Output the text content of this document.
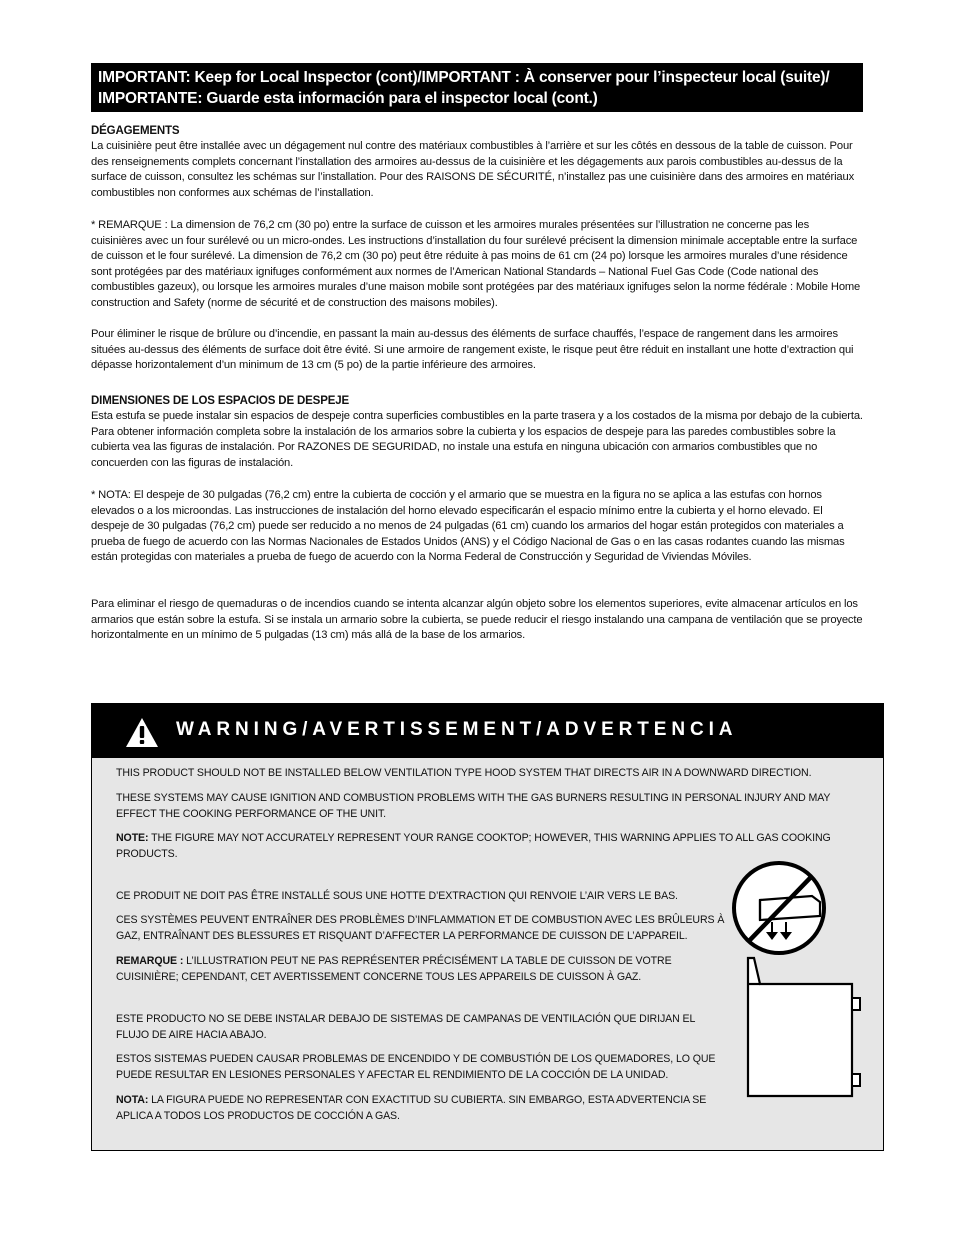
IMPORTANT: Keep for Local Inspector (cont)/IMPORTANT : À conserver pour l’inspecteur local (suite)/
IMPORTANTE: Guarde esta información para el inspector local (cont.)
DÉGAGEMENTS

La cuisinière peut être installée avec un dégagement nul contre des matériaux combustibles à l’arrière et sur les côtés en dessous de la table de cuisson. Pour des renseignements complets concernant l’installation des armoires au-dessus de la cuisinière et les dégagements aux parois combustibles au-dessus de la surface de cuisson, consultez les schémas sur l’installation. Pour des RAISONS DE SÉCURITÉ, n’installez pas une cuisinière dans des armoires en matériaux combustibles non conformes aux schémas de l’installation.

* REMARQUE : La dimension de 76,2 cm (30 po) entre la surface de cuisson et les armoires murales présentées sur l’illustration ne concerne pas les cuisinières avec un four surélevé ou un micro-ondes. Les instructions d’installation du four surélevé précisent la dimension minimale acceptable entre la surface de cuisson et le four surélevé. La dimension de 76,2 cm (30 po) peut être réduite à pas moins de 61 cm (24 po) lorsque les armoires murales d’une résidence sont protégées par des matériaux ignifuges conformément aux normes de l’American National Standards – National Fuel Gas Code (Code national des combustibles gazeux), ou lorsque les armoires murales d’une maison mobile sont protégées par des matériaux ignifuges selon la norme fédérale : Mobile Home construction and Safety (norme de sécurité et de construction des maisons mobiles).

Pour éliminer le risque de brûlure ou d’incendie, en passant la main au-dessus des éléments de surface chauffés, l’espace de rangement dans les armoires situées au-dessus des éléments de surface doit être évité. Si une armoire de rangement existe, le risque peut être réduit en installant une hotte d’extraction qui dépasse horizontalement d’un minimum de 13 cm (5 po) de la partie inférieure des armoires.

DIMENSIONES DE LOS ESPACIOS DE DESPEJE

Esta estufa se puede instalar sin espacios de despeje contra superficies combustibles en la parte trasera y a los costados de la misma por debajo de la cubierta. Para obtener información completa sobre la instalación de los armarios sobre la cubierta y los espacios de despeje para las paredes combustibles sobre la cubierta vea las figuras de instalación. Por RAZONES DE SEGURIDAD, no instale una estufa en ninguna ubicación con armarios combustibles que no concuerden con las figuras de instalación.

* NOTA: El despeje de 30 pulgadas (76,2 cm) entre la cubierta de cocción y el armario que se muestra en la figura no se aplica a las estufas con hornos elevados o a los microondas. Las instrucciones de instalación del horno elevado especificarán el espacio mínimo entre la cubierta y el horno elevado. El despeje de 30 pulgadas (76,2 cm) puede ser reducido a no menos de 24 pulgadas (61 cm) cuando los armarios del hogar están protegidos con materiales a prueba de fuego de acuerdo con las Normas Nacionales de Estados Unidos (ANS) y el Código Nacional de Gas o en las casas rodantes cuando las mismas están protegidas con materiales a prueba de fuego de acuerdo con la Norma Federal de Construcción y Seguridad de Viviendas Móviles.

Para eliminar el riesgo de quemaduras o de incendios cuando se intenta alcanzar algún objeto sobre los elementos superiores, evite almacenar artículos en los armarios que están sobre la estufa. Si se instala un armario sobre la cubierta, se puede reducir el riesgo instalando una campana de ventilación que se proyecte horizontalmente en un mínimo de 5 pulgadas (13 cm) más allá de la base de los armarios.

WARNING/AVERTISSEMENT/ADVERTENCIA

THIS PRODUCT SHOULD NOT BE INSTALLED BELOW VENTILATION TYPE HOOD SYSTEM THAT DIRECTS AIR IN A DOWNWARD DIRECTION.

THESE SYSTEMS MAY CAUSE IGNITION AND COMBUSTION PROBLEMS WITH THE GAS BURNERS RESULTING IN PERSONAL INJURY AND MAY EFFECT THE COOKING PERFORMANCE OF THE UNIT.

NOTE: THE FIGURE MAY NOT ACCURATELY REPRESENT YOUR RANGE COOKTOP; HOWEVER, THIS WARNING APPLIES TO ALL GAS COOKING PRODUCTS.

CE PRODUIT NE DOIT PAS ÊTRE INSTALLÉ SOUS UNE HOTTE D’EXTRACTION QUI RENVOIE L’AIR VERS LE BAS.

CES SYSTÈMES PEUVENT ENTRAÎNER DES PROBLÈMES D’INFLAMMATION ET DE COMBUSTION AVEC LES BRÛLEURS À GAZ, ENTRAÎNANT DES BLESSURES ET RISQUANT D’AFFECTER LA PERFORMANCE DE CUISSON DE L’APPAREIL.

REMARQUE : L’ILLUSTRATION PEUT NE PAS REPRÉSENTER PRÉCISÉMENT LA TABLE DE CUISSON DE VOTRE CUISINIÈRE; CEPENDANT, CET AVERTISSEMENT CONCERNE TOUS LES APPAREILS DE CUISSON À GAZ.

ESTE PRODUCTO NO SE DEBE INSTALAR DEBAJO DE SISTEMAS DE CAMPANAS DE VENTILACIÓN QUE DIRIJAN EL FLUJO DE AIRE HACIA ABAJO.

ESTOS SISTEMAS PUEDEN CAUSAR PROBLEMAS DE ENCENDIDO Y DE COMBUSTIÓN DE LOS QUEMADORES, LO QUE PUEDE RESULTAR EN LESIONES PERSONALES Y AFECTAR EL RENDIMIENTO DE LA COCCIÓN DE LA UNIDAD.

NOTA: LA FIGURA PUEDE NO REPRESENTAR CON EXACTITUD SU CUBIERTA. SIN EMBARGO, ESTA ADVERTENCIA SE APLICA A TODOS LOS PRODUCTOS DE COCCIÓN A GAS.
